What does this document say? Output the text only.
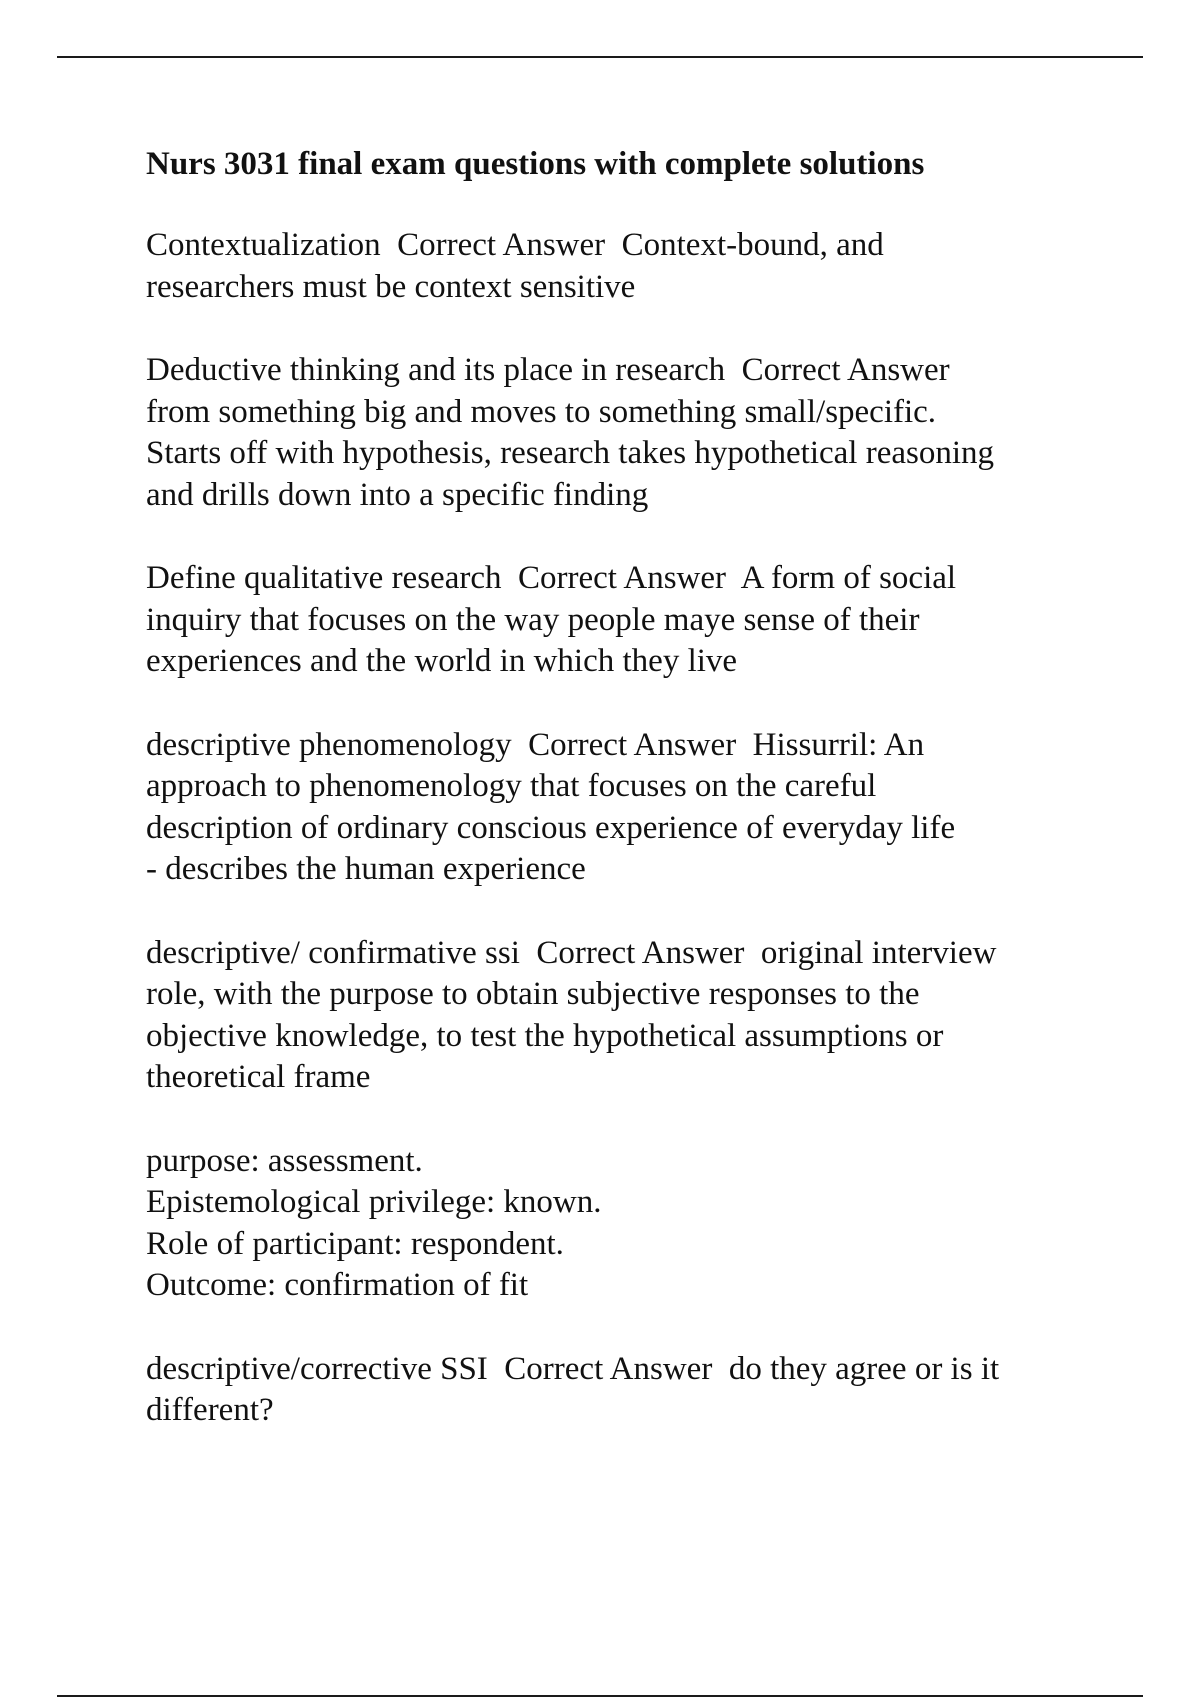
Nurs 3031 final exam questions with complete solutions
Contextualization  Correct Answer  Context-bound, and
researchers must be context sensitive
Deductive thinking and its place in research  Correct Answer
from something big and moves to something small/specific.
Starts off with hypothesis, research takes hypothetical reasoning
and drills down into a specific finding
Define qualitative research  Correct Answer  A form of social
inquiry that focuses on the way people maye sense of their
experiences and the world in which they live
descriptive phenomenology  Correct Answer  Hissurril: An
approach to phenomenology that focuses on the careful
description of ordinary conscious experience of everyday life
- describes the human experience
descriptive/ confirmative ssi  Correct Answer  original interview
role, with the purpose to obtain subjective responses to the
objective knowledge, to test the hypothetical assumptions or
theoretical frame
purpose: assessment.
Epistemological privilege: known.
Role of participant: respondent.
Outcome: confirmation of fit
descriptive/corrective SSI  Correct Answer  do they agree or is it
different?
